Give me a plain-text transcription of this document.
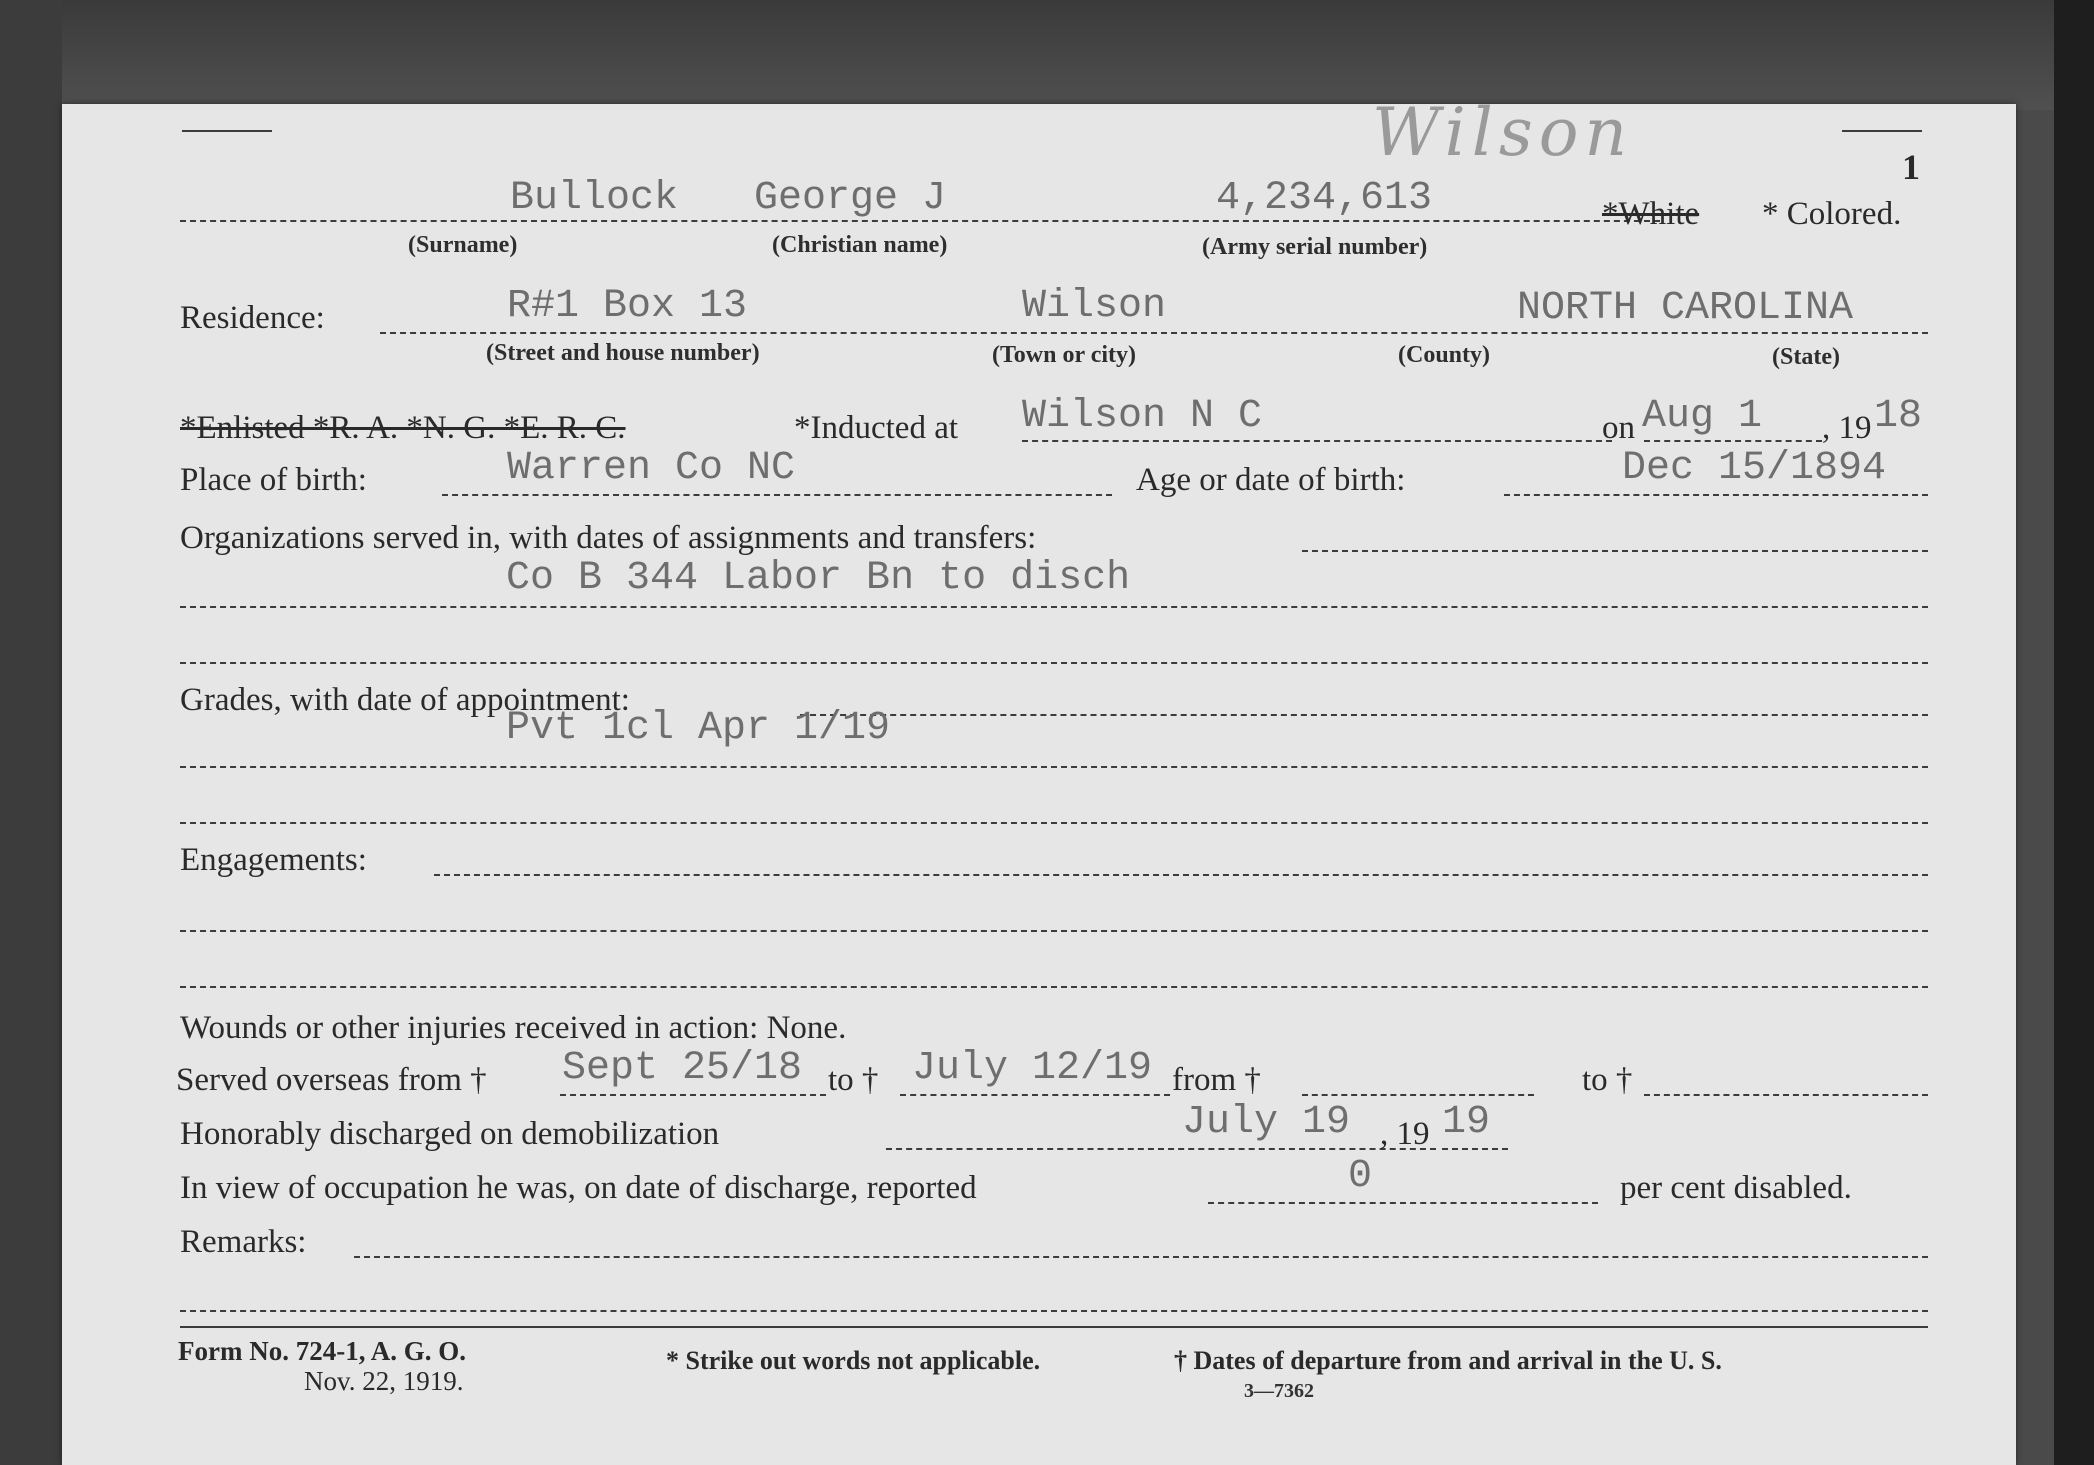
Wilson	1
Bullock George J	4,234,613	*White * Colored.
(Surname)	(Christian name)	(Army serial number)
Residence:	R#1 Box 13	Wilson	NORTH CAROLINA
(Street and house number)	(Town or city)	(County)	(State)
*Enlisted *R. A. *N. G. *E. R. C.	*Inducted at Wilson N C	on Aug 1 , 19 18
Place of birth:	Warren Co NC	Age or date of birth:	Dec 15/1894
Organizations served in, with dates of assignments and transfers:
Co B 344 Labor Bn to disch
Grades, with date of appointment:
Pvt 1cl Apr 1/19
Engagements:
Wounds or other injuries received in action: None.
Served overseas from † Sept 25/18 to † July 12/19 from †	to †
Honorably discharged on demobilization	July 19 , 19 19
In view of occupation he was, on date of discharge, reported	0	per cent disabled.
Remarks:
Form No. 724-1, A. G. O.
Nov. 22, 1919.
* Strike out words not applicable.	† Dates of departure from and arrival in the U. S.
3—7362
